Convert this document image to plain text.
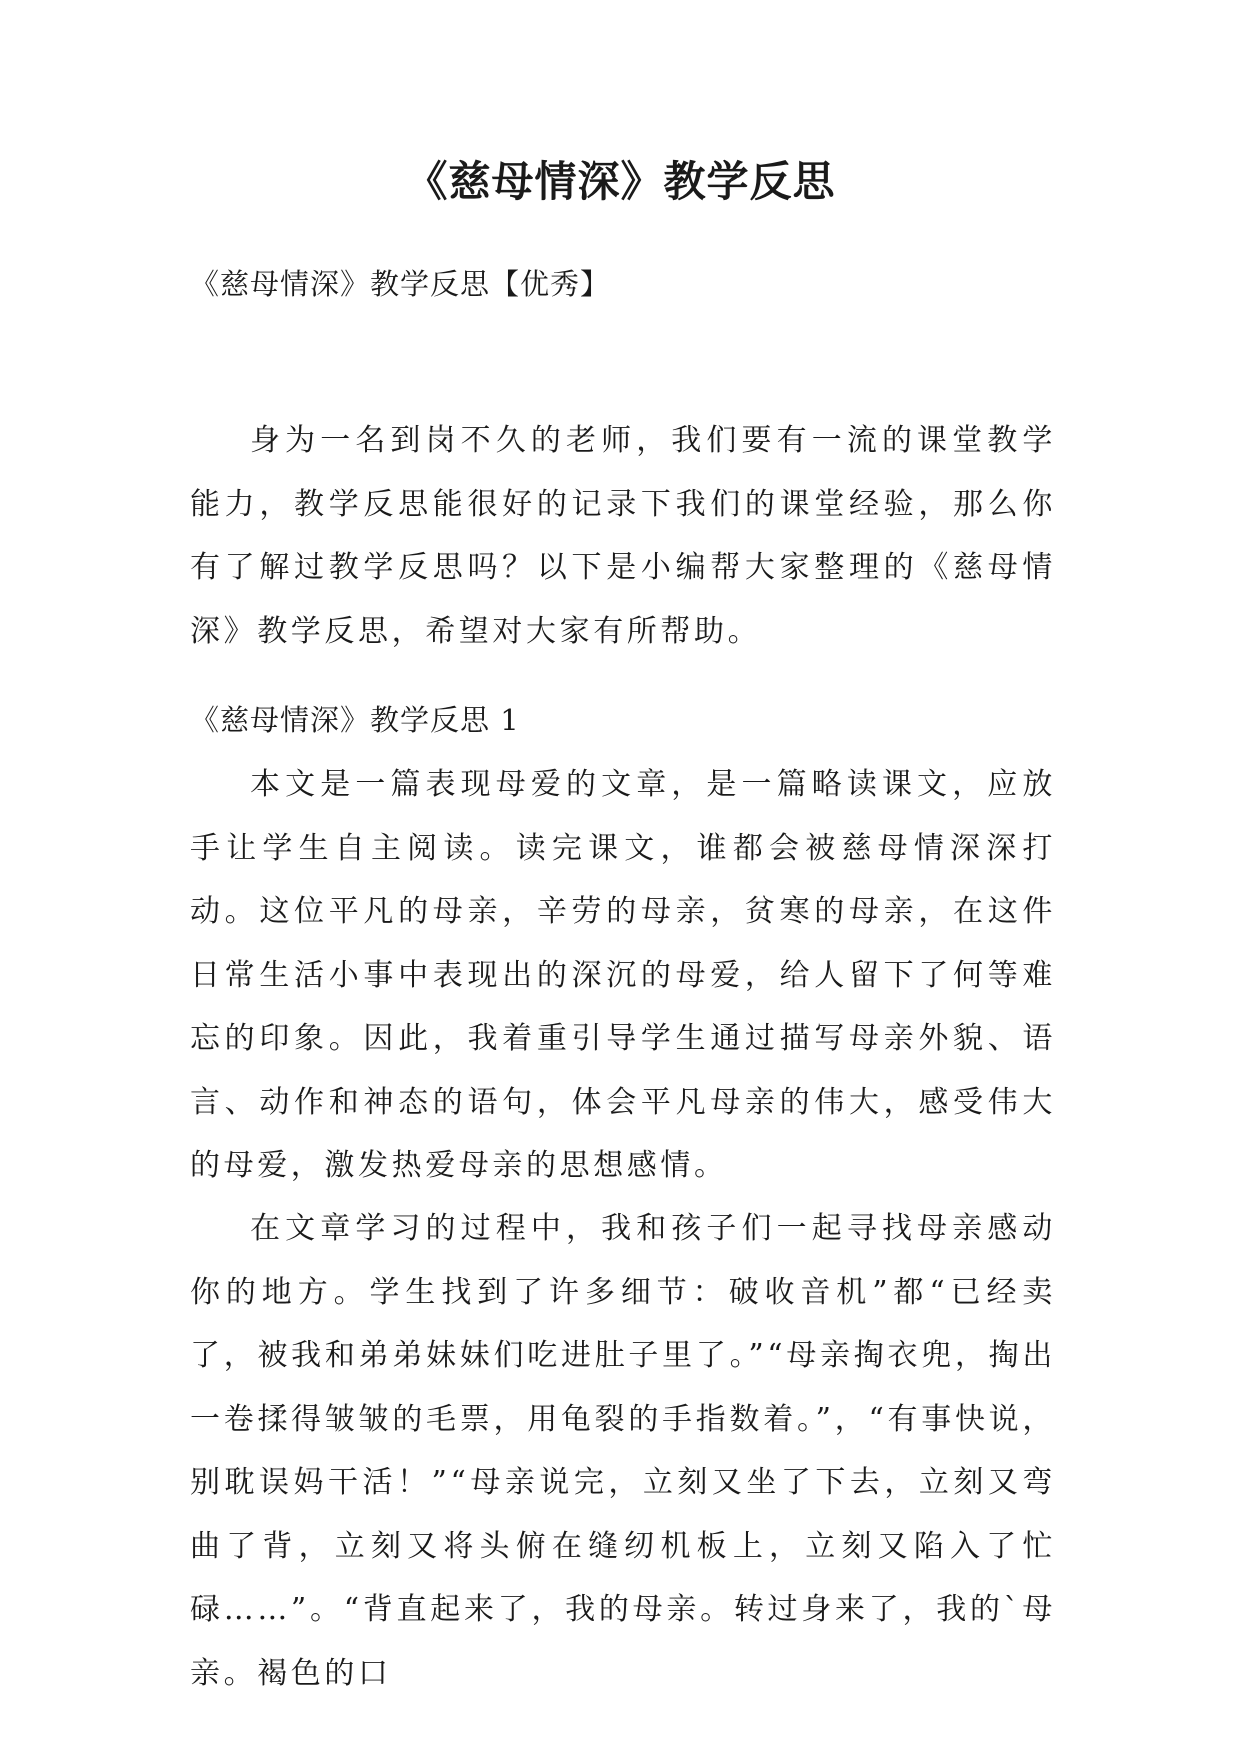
《慈母情深》教学反思

《慈母情深》教学反思【优秀】

身为一名到岗不久的老师，我们要有一流的课堂教学能力，教学反思能很好的记录下我们的课堂经验，那么你有了解过教学反思吗？以下是小编帮大家整理的《慈母情深》教学反思，希望对大家有所帮助。

《慈母情深》教学反思 1

本文是一篇表现母爱的文章，是一篇略读课文，应放手让学生自主阅读。读完课文，谁都会被慈母情深深打动。这位平凡的母亲，辛劳的母亲，贫寒的母亲，在这件日常生活小事中表现出的深沉的母爱，给人留下了何等难忘的印象。因此，我着重引导学生通过描写母亲外貌、语言、动作和神态的语句，体会平凡母亲的伟大，感受伟大的母爱，激发热爱母亲的思想感情。

在文章学习的过程中，我和孩子们一起寻找母亲感动你的地方。学生找到了许多细节：破收音机”都“已经卖了，被我和弟弟妹妹们吃进肚子里了。”“母亲掏衣兜，掏出一卷揉得皱皱的毛票，用龟裂的手指数着。”，“有事快说，别耽误妈干活！”“母亲说完，立刻又坐了下去，立刻又弯曲了背，立刻又将头俯在缝纫机板上，立刻又陷入了忙碌……”。“背直起来了，我的母亲。转过身来了，我的`母亲。褐色的口
